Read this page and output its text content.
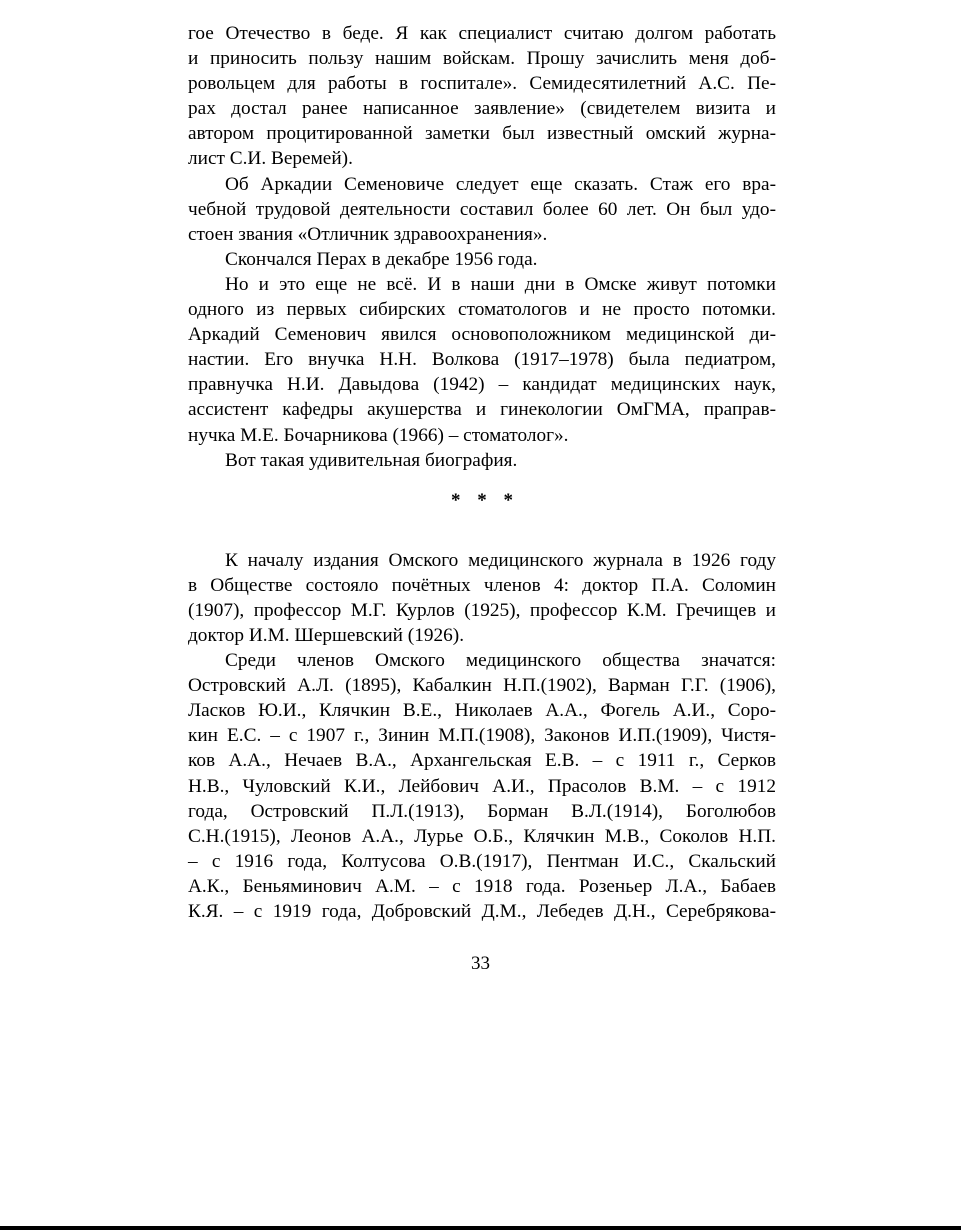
гое Отечество в беде. Я как специалист считаю долгом работать
и приносить пользу нашим войскам. Прошу зачислить меня доб-
ровольцем для работы в госпитале». Семидесятилетний А.С. Пе-
рах достал ранее написанное заявление» (свидетелем визита и
автором процитированной заметки был известный омский журна-
лист С.И. Веремей).
Об Аркадии Семеновиче следует еще сказать. Стаж его вра-
чебной трудовой деятельности составил более 60 лет. Он был удо-
стоен звания «Отличник здравоохранения».
Скончался Перах в декабре 1956 года.
Но и это еще не всё. И в наши дни в Омске живут потомки
одного из первых сибирских стоматологов и не просто потомки.
Аркадий Семенович явился основоположником медицинской ди-
настии. Его внучка Н.Н. Волкова (1917–1978) была педиатром,
правнучка Н.И. Давыдова (1942) – кандидат медицинских наук,
ассистент кафедры акушерства и гинекологии ОмГМА, праправ-
нучка М.Е. Бочарникова (1966) – стоматолог».
Вот такая удивительная биография.
* * *
К началу издания Омского медицинского журнала в 1926 году
в Обществе состояло почётных членов 4: доктор П.А. Соломин
(1907), профессор М.Г. Курлов (1925), профессор К.М. Гречищев и
доктор И.М. Шершевский (1926).
Среди членов Омского медицинского общества значатся:
Островский А.Л. (1895), Кабалкин Н.П.(1902), Варман Г.Г. (1906),
Ласков Ю.И., Клячкин В.Е., Николаев А.А., Фогель А.И., Соро-
кин Е.С. – с 1907 г., Зинин М.П.(1908), Законов И.П.(1909), Чистя-
ков А.А., Нечаев В.А., Архангельская Е.В. – с 1911 г., Серков
Н.В., Чуловский К.И., Лейбович А.И., Прасолов В.М. – с 1912
года, Островский П.Л.(1913), Борман В.Л.(1914), Боголюбов
С.Н.(1915), Леонов А.А., Лурье О.Б., Клячкин М.В., Соколов Н.П.
– с 1916 года, Колтусова О.В.(1917), Пентман И.С., Скальский
А.К., Беньяминович А.М. – с 1918 года. Розеньер Л.А., Бабаев
К.Я. – с 1919 года, Добровский Д.М., Лебедев Д.Н., Серебрякова-
33
